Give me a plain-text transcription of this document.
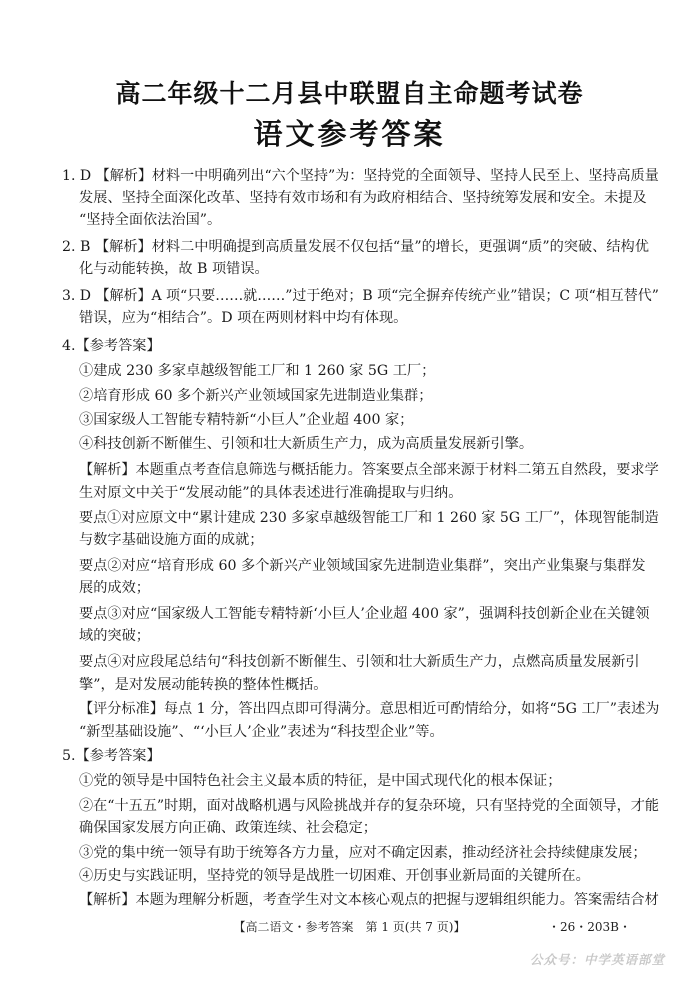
高二年级十二月县中联盟自主命题考试卷
语文参考答案
1. D 【解析】材料一中明确列出“六个坚持”为：坚持党的全面领导、坚持人民至上、坚持高质量
发展、坚持全面深化改革、坚持有效市场和有为政府相结合、坚持统筹发展和安全。未提及
“坚持全面依法治国”。
2. B 【解析】材料二中明确提到高质量发展不仅包括“量”的增长，更强调“质”的突破、结构优
化与动能转换，故 B 项错误。
3. D 【解析】A 项“只要……就……”过于绝对；B 项“完全摒弃传统产业”错误；C 项“相互替代”
错误，应为“相结合”。D 项在两则材料中均有体现。
4.【参考答案】
①建成 230 多家卓越级智能工厂和 1 260 家 5G 工厂；
②培育形成 60 多个新兴产业领域国家先进制造业集群；
③国家级人工智能专精特新“小巨人”企业超 400 家；
④科技创新不断催生、引领和壮大新质生产力，成为高质量发展新引擎。
【解析】本题重点考查信息筛选与概括能力。答案要点全部来源于材料二第五自然段，要求学
生对原文中关于“发展动能”的具体表述进行准确提取与归纳。
要点①对应原文中“累计建成 230 多家卓越级智能工厂和 1 260 家 5G 工厂”，体现智能制造
与数字基础设施方面的成就；
要点②对应“培育形成 60 多个新兴产业领域国家先进制造业集群”，突出产业集聚与集群发
展的成效；
要点③对应“国家级人工智能专精特新‘小巨人’企业超 400 家”，强调科技创新企业在关键领
域的突破；
要点④对应段尾总结句“科技创新不断催生、引领和壮大新质生产力，点燃高质量发展新引
擎”，是对发展动能转换的整体性概括。
【评分标准】每点 1 分，答出四点即可得满分。意思相近可酌情给分，如将“5G 工厂”表述为
“新型基础设施”、“‘小巨人’企业”表述为“科技型企业”等。
5.【参考答案】
①党的领导是中国特色社会主义最本质的特征，是中国式现代化的根本保证；
②在“十五五”时期，面对战略机遇与风险挑战并存的复杂环境，只有坚持党的全面领导，才能
确保国家发展方向正确、政策连续、社会稳定；
③党的集中统一领导有助于统筹各方力量，应对不确定因素，推动经济社会持续健康发展；
④历史与实践证明，坚持党的领导是战胜一切困难、开创事业新局面的关键所在。
【解析】本题为理解分析题，考查学生对文本核心观点的把握与逻辑组织能力。答案需结合材
【高二语文・参考答案　第 1 页(共 7 页)】	・26・203B・
公众号：中学英语部堂
